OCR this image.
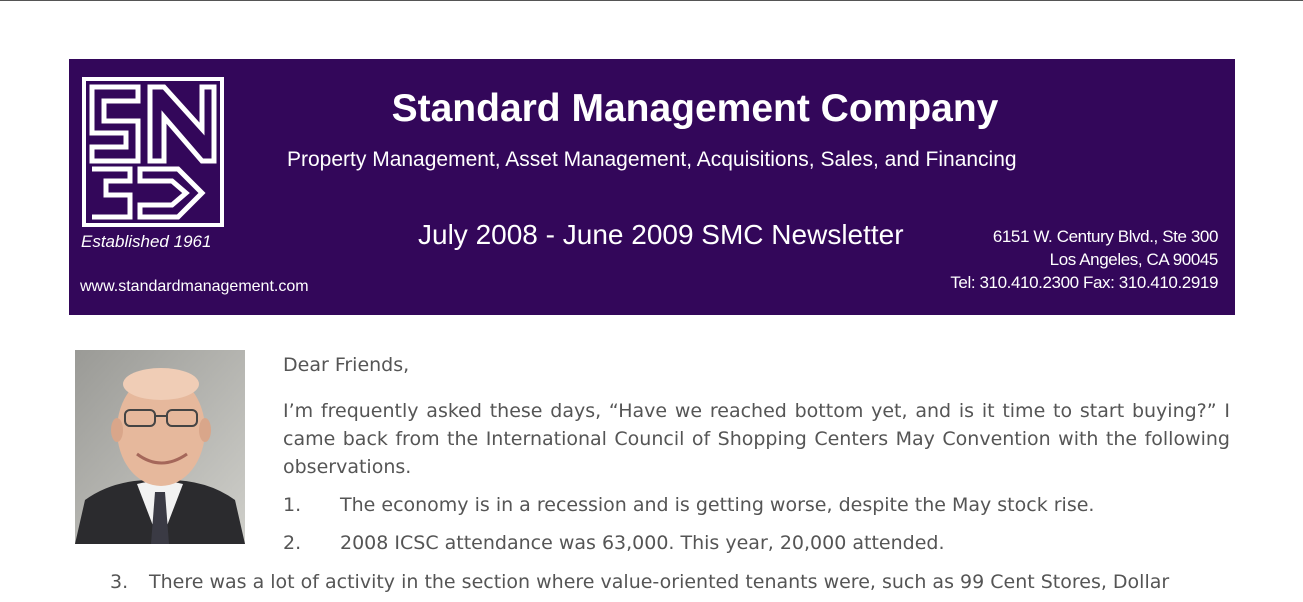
Established 1961
www.standardmanagement.com
Standard Management Company
Property Management, Asset Management, Acquisitions, Sales, and Financing
July 2008 - June 2009 SMC Newsletter	6151 W. Century Blvd., Ste 300
Los Angeles, CA 90045
Tel: 310.410.2300 Fax: 310.410.2919

Dear Friends,

I’m frequently asked these days, “Have we reached bottom yet, and is it time to start buying?” I came back from the International Council of Shopping Centers May Convention with the following observations.

1.	The economy is in a recession and is getting worse, despite the May stock rise.

2.	2008 ICSC attendance was 63,000. This year, 20,000 attended.

3.	There was a lot of activity in the section where value-oriented tenants were, such as 99 Cent Stores, Dollar
